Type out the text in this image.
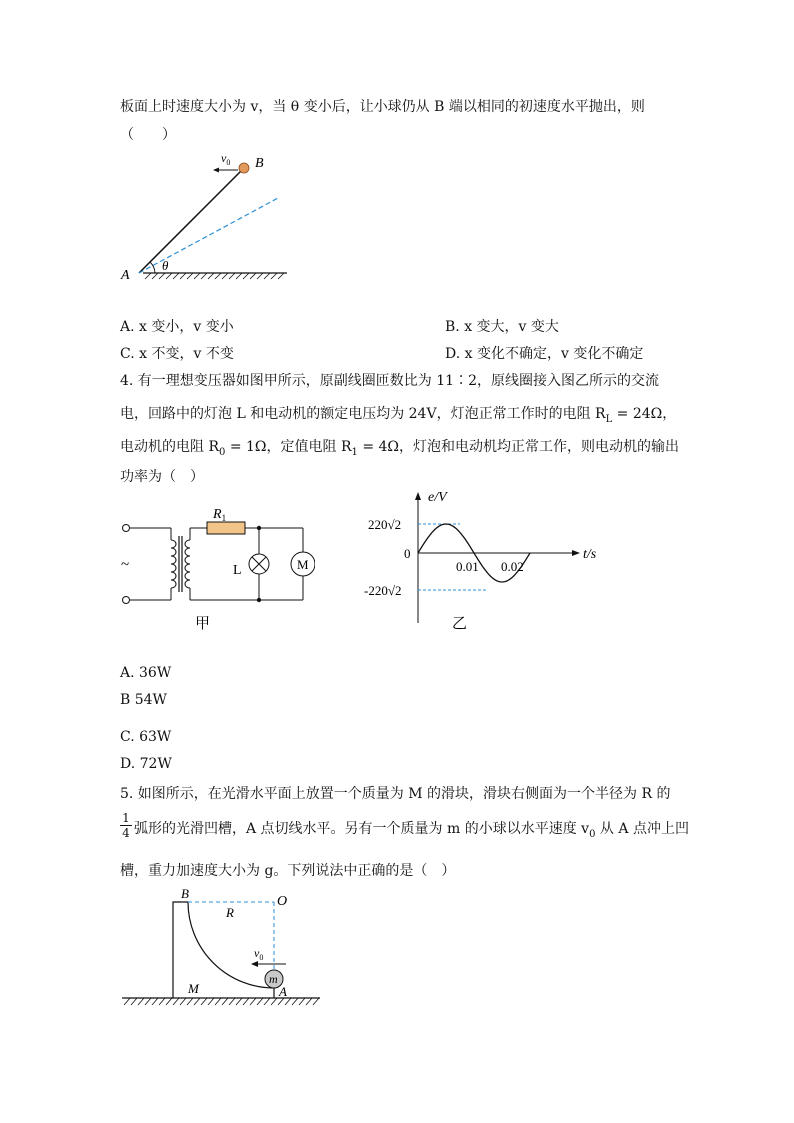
板面上时速度大小为 v，当 θ 变小后，让小球仍从 B 端以相同的初速度水平抛出，则
（　　）
$v_0$ B
A
θ
A. x 变小，v 变小	B. x 变大，v 变大
C. x 不变，v 不变	D. x 变化不确定，v 变化不确定
4. 有一理想变压器如图甲所示，原副线圈匝数比为 11∶2，原线圈接入图乙所示的交流
电，回路中的灯泡 L 和电动机的额定电压均为 24V，灯泡正常工作时的电阻 $R_L = 24\Omega$，
电动机的电阻 $R_0 = 1\Omega$，定值电阻 $R_1 = 4\Omega$，灯泡和电动机均正常工作，则电动机的输出
功率为（　）
~
$R_1$
L	M
甲
e/V
t/s
220√2
-220√2
0
0.01 0.02
乙
A. 36W
B 54W
C. 63W
D. 72W
5. 如图所示，在光滑水平面上放置一个质量为 M 的滑块，滑块右侧面为一个半径为 R 的
1
4 弧形的光滑凹槽，A 点切线水平。另有一个质量为 m 的小球以水平速度 $v_0$ 从 A 点冲上凹
槽，重力加速度大小为 g。下列说法中正确的是（　）
B
O
R
$v_0$
m
M	A
